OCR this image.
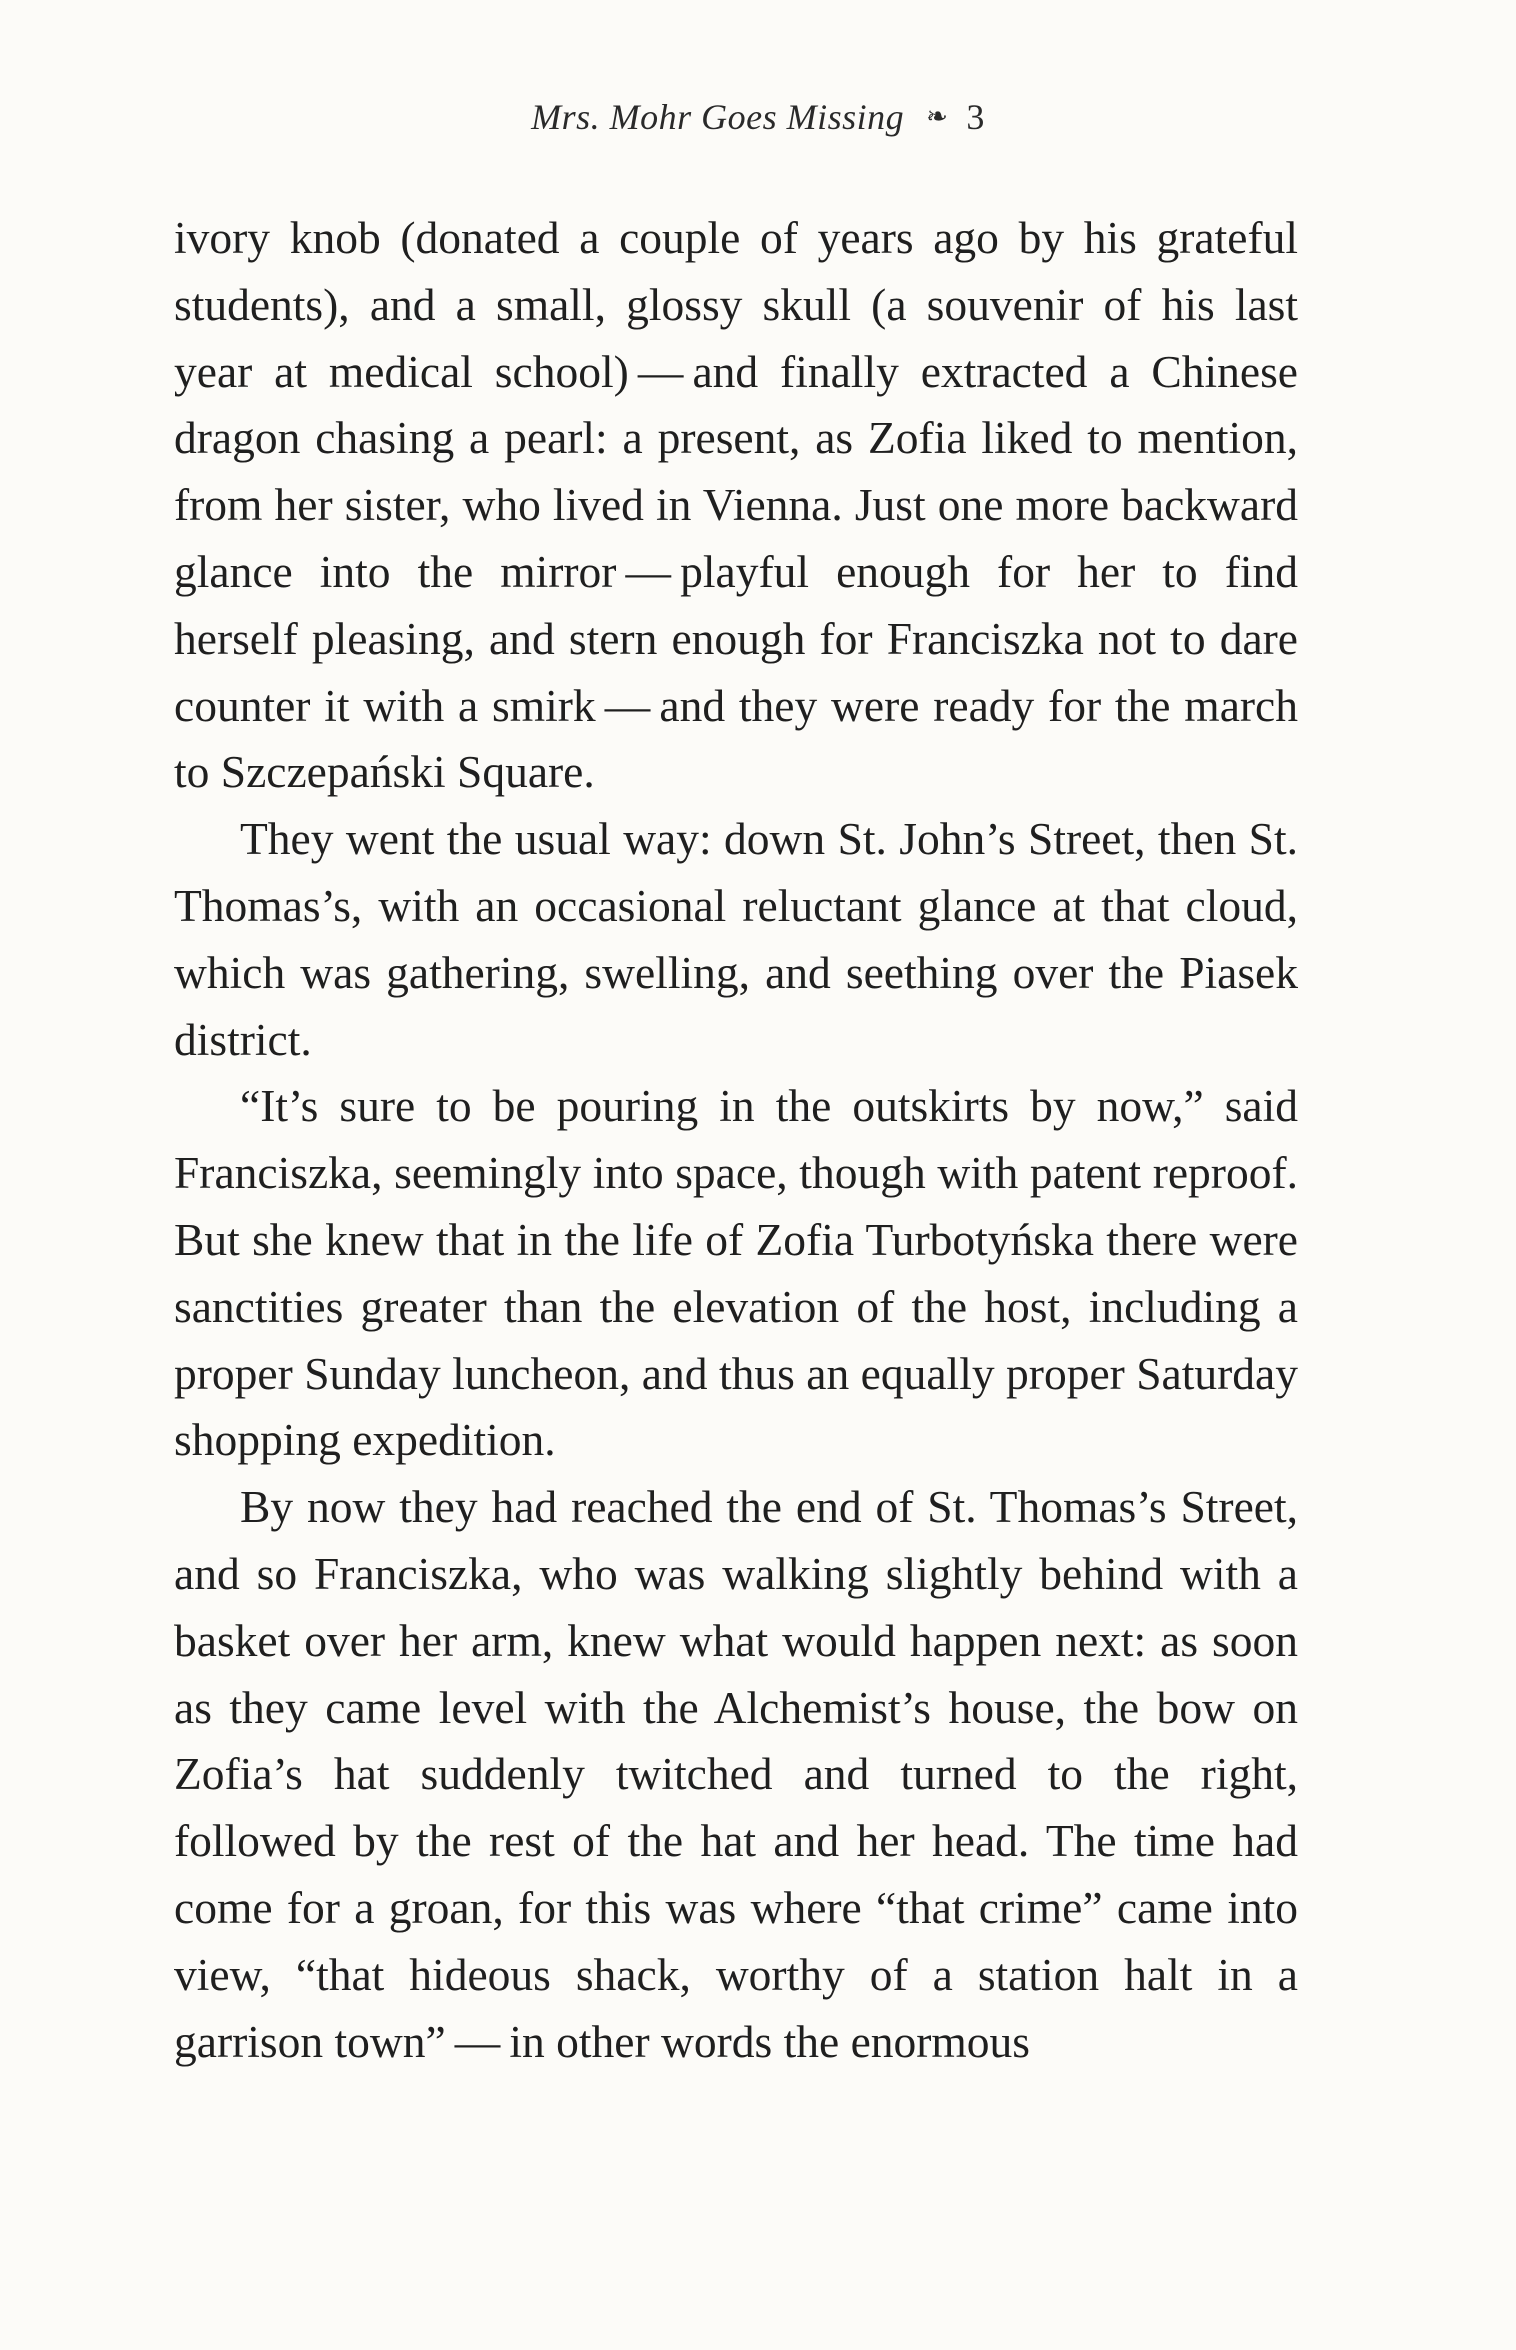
Mrs. Mohr Goes Missing ❧ 3

ivory knob (donated a couple of years ago by his grateful students), and a small, glossy skull (a souvenir of his last year at medical school) — and finally extracted a Chinese dragon chasing a pearl: a present, as Zofia liked to mention, from her sister, who lived in Vienna. Just one more backward glance into the mirror — playful enough for her to find herself pleasing, and stern enough for Franciszka not to dare counter it with a smirk — and they were ready for the march to Szczepański Square.

They went the usual way: down St. John’s Street, then St. Thomas’s, with an occasional reluctant glance at that cloud, which was gathering, swelling, and seething over the Piasek district.

“It’s sure to be pouring in the outskirts by now,” said Franciszka, seemingly into space, though with patent reproof. But she knew that in the life of Zofia Turbotyńska there were sanctities greater than the elevation of the host, including a proper Sunday luncheon, and thus an equally proper Saturday shopping expedition.

By now they had reached the end of St. Thomas’s Street, and so Franciszka, who was walking slightly behind with a basket over her arm, knew what would happen next: as soon as they came level with the Alchemist’s house, the bow on Zofia’s hat suddenly twitched and turned to the right, followed by the rest of the hat and her head. The time had come for a groan, for this was where “that crime” came into view, “that hideous shack, worthy of a station halt in a garrison town” — in other words the enormous
